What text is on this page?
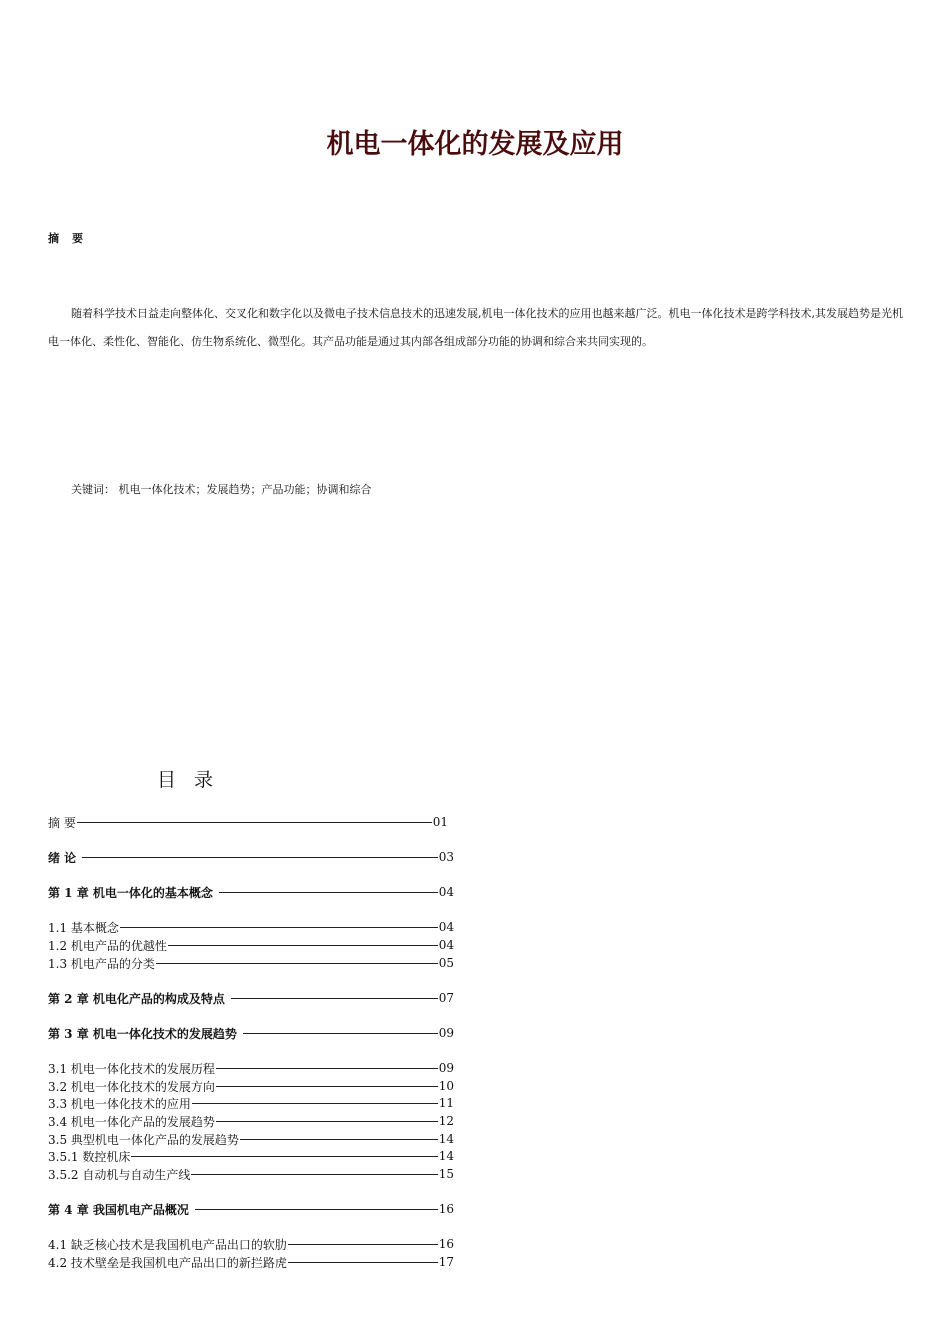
机电一体化的发展及应用
摘　要

随着科学技术日益走向整体化、交叉化和数字化以及微电子技术信息技术的迅速发展,机电一体化技术的应用也越来越广泛。机电一体化技术是跨学科技术,其发展趋势是光机电一体化、柔性化、智能化、仿生物系统化、微型化。其产品功能是通过其内部各组成部分功能的协调和综合来共同实现的。

关键词： 机电一体化技术；发展趋势；产品功能；协调和综合
目 录
摘 要	01
绪 论	03
第 1 章 机电一体化的基本概念	04
1.1 基本概念	04
1.2 机电产品的优越性	04
1.3 机电产品的分类	05
第 2 章 机电化产品的构成及特点	07
第 3 章 机电一体化技术的发展趋势	09
3.1 机电一体化技术的发展历程	09
3.2 机电一体化技术的发展方向	10
3.3 机电一体化技术的应用	11
3.4 机电一体化产品的发展趋势	12
3.5 典型机电一体化产品的发展趋势	14
3.5.1 数控机床	14
3.5.2 自动机与自动生产线	15
第 4 章 我国机电产品概况	16
4.1 缺乏核心技术是我国机电产品出口的软肋	16
4.2 技术壁垒是我国机电产品出口的新拦路虎	17
